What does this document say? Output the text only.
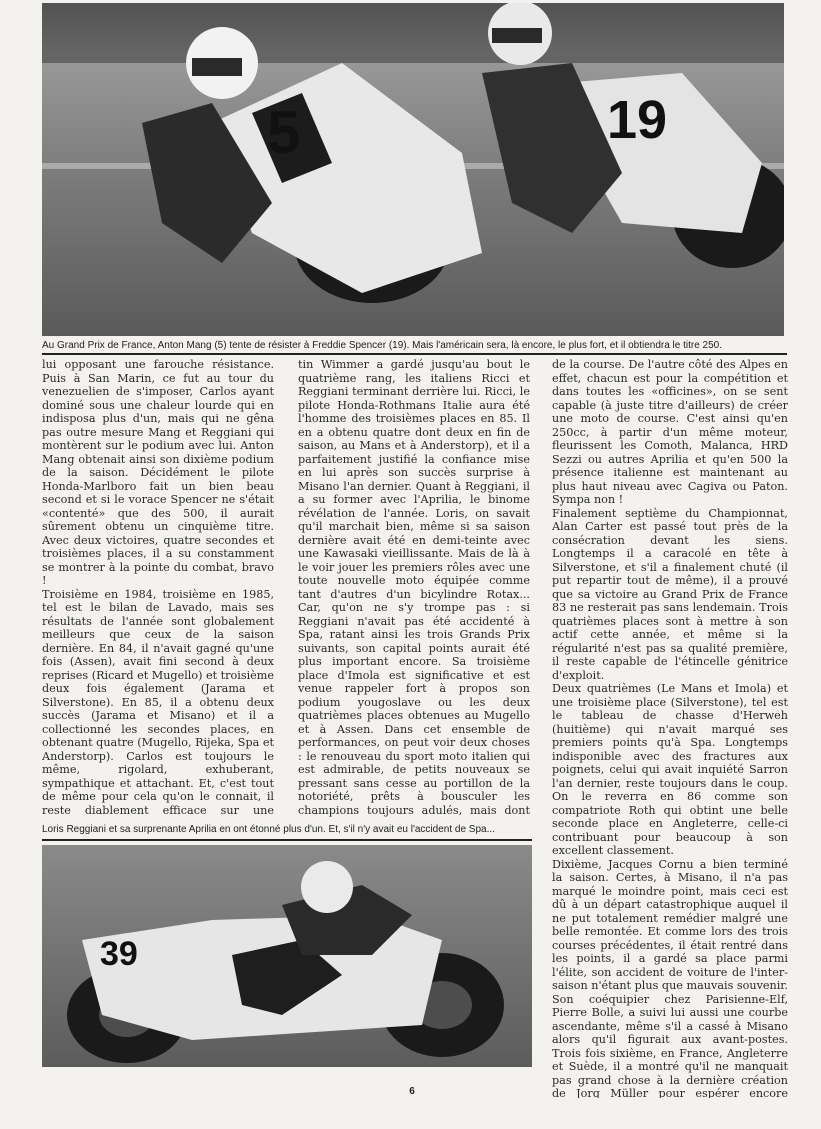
5	19
Au Grand Prix de France, Anton Mang (5) tente de résister à Freddie Spencer (19). Mais l'américain sera, là encore, le plus fort, et il obtiendra le titre 250.

lui opposant une farouche résistance. Puis à San Marin, ce fut au tour du venezuelien de s'imposer, Carlos ayant dominé sous une chaleur lourde qui en indisposa plus d'un, mais qui ne gêna pas outre mesure Mang et Reggiani qui montèrent sur le podium avec lui. Anton Mang obtenait ainsi son dixième podium de la saison. Décidément le pilote Honda-Marlboro fait un bien beau second et si le vorace Spencer ne s'était «contenté» que des 500, il aurait sûrement obtenu un cinquième titre. Avec deux victoires, quatre secondes et troisièmes places, il a su constamment se montrer à la pointe du combat, bravo !

Troisième en 1984, troisième en 1985, tel est le bilan de Lavado, mais ses résultats de l'année sont globalement meilleurs que ceux de la saison dernière. En 84, il n'avait gagné qu'une fois (Assen), avait fini second à deux reprises (Ricard et Mugello) et troisième deux fois également (Jarama et Silverstone). En 85, il a obtenu deux succès (Jarama et Misano) et il a collectionné les secondes places, en obtenant quatre (Mugello, Rijeka, Spa et Anderstorp). Carlos est toujours le même, rigolard, exhuberant, sympathique et attachant. Et, c'est tout de même pour cela qu'on le connait, il reste diablement efficace sur une

tin Wimmer a gardé jusqu'au bout le quatrième rang, les italiens Ricci et Reggiani terminant derrière lui. Ricci, le pilote Honda-Rothmans Italie aura été l'homme des troisièmes places en 85. Il en a obtenu quatre dont deux en fin de saison, au Mans et à Anderstorp), et il a parfaitement justifié la confiance mise en lui après son succès surprise à Misano l'an dernier. Quant à Reggiani, il a su former avec l'Aprilia, le binome révélation de l'année. Loris, on savait qu'il marchait bien, même si sa saison dernière avait été en demi-teinte avec une Kawasaki vieillissante. Mais de là à le voir jouer les premiers rôles avec une toute nouvelle moto équipée comme tant d'autres d'un bicylindre Rotax... Car, qu'on ne s'y trompe pas : si Reggiani n'avait pas été accidenté à Spa, ratant ainsi les trois Grands Prix suivants, son capital points aurait été plus important encore. Sa troisième place d'Imola est significative et est venue rappeler fort à propos son podium yougoslave ou les deux quatrièmes places obtenues au Mugello et à Assen. Dans cet ensemble de performances, on peut voir deux choses : le renouveau du sport moto italien qui est admirable, de petits nouveaux se pressant sans cesse au portillon de la notoriété, prêts à bousculer les champions toujours adulés, mais dont

de la course. De l'autre côté des Alpes en effet, chacun est pour la compétition et dans toutes les «officines», on se sent capable (à juste titre d'ailleurs) de créer une moto de course. C'est ainsi qu'en 250cc, à partir d'un même moteur, fleurissent les Comoth, Malanca, HRD Sezzi ou autres Aprilia et qu'en 500 la présence italienne est maintenant au plus haut niveau avec Cagiva ou Paton. Sympa non !

Finalement septième du Championnat, Alan Carter est passé tout près de la consécration devant les siens. Longtemps il a caracolé en tête à Silverstone, et s'il a finalement chuté (il put repartir tout de même), il a prouvé que sa victoire au Grand Prix de France 83 ne resterait pas sans lendemain. Trois quatrièmes places sont à mettre à son actif cette année, et même si la régularité n'est pas sa qualité première, il reste capable de l'étincelle génitrice d'exploit.

Deux quatrièmes (Le Mans et Imola) et une troisième place (Silverstone), tel est le tableau de chasse d'Herweh (huitième) qui n'avait marqué ses premiers points qu'à Spa. Longtemps indisponible avec des fractures aux poignets, celui qui avait inquiété Sarron l'an dernier, reste toujours dans le coup. On le reverra en 86 comme son compatriote Roth qui obtint une belle seconde place en Angleterre, celle-ci contribuant pour beaucoup à son excellent classement.

Dixième, Jacques Cornu a bien terminé la saison. Certes, à Misano, il n'a pas marqué le moindre point, mais ceci est dû à un départ catastrophique auquel il ne put totalement remédier malgré une belle remontée. Et comme lors des trois courses précédentes, il était rentré dans les points, il a gardé sa place parmi l'élite, son accident de voiture de l'inter-saison n'étant plus que mauvais souvenir. Son coéquipier chez Parisienne-Elf, Pierre Bolle, a suivi lui aussi une courbe ascendante, même s'il a cassé à Misano alors qu'il figurait aux avant-postes. Trois fois sixième, en France, Angleterre et Suède, il a montré qu'il ne manquait pas grand chose à la dernière création de Jorg Müller pour espérer encore

Loris Reggiani et sa surprenante Aprilia en ont étonné plus d'un. Et, s'il n'y avait eu l'accident de Spa...
39
6
